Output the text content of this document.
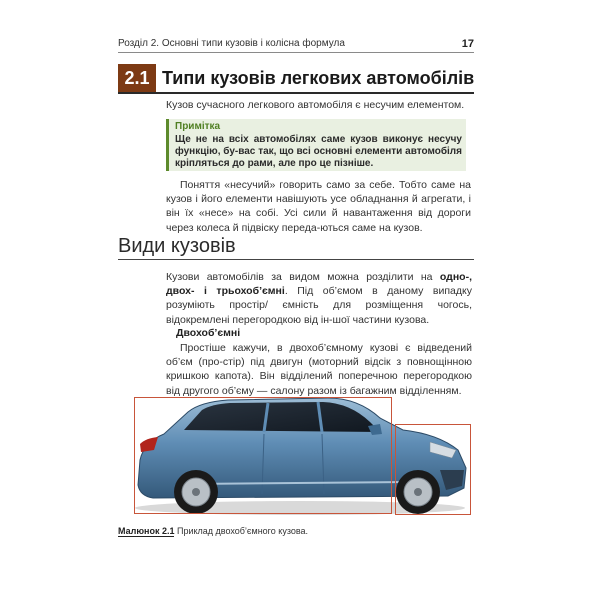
Розділ 2. Основні типи кузовів і колісна формула	17
2.1 Типи кузовів легкових автомобілів
Кузов сучасного легкового автомобіля є несучим елементом.
Примітка
Ще не на всіх автомобілях саме кузов виконує несучу функцію, бу-вас так, що всі основні елементи автомобіля кріпляться до рами, але про це пізніше.
Поняття «несучий» говорить само за себе. Тобто саме на кузов і його елементи навішують усе обладнання й агрегати, і він їх «несе» на собі. Усі сили й навантаження від дороги через колеса й підвіску переда-ються саме на кузов.
Види кузовів
Кузови автомобілів за видом можна розділити на одно-, двох- і трьохоб’ємні. Під об’ємом в даному випадку розуміють простір/ ємність для розміщення чогось, відокремлені перегородкою від ін-шої частини кузова.
Двохоб’ємні
Простіше кажучи, в двохоб’ємному кузові є відведений об’єм (про-стір) під двигун (моторний відсік з повнощінною кришкою капота). Він відділений поперечною перегородкою від другого об’єму — салону разом із багажним відділенням.
Малюнок 2.1 Приклад двохоб’ємного кузова.
